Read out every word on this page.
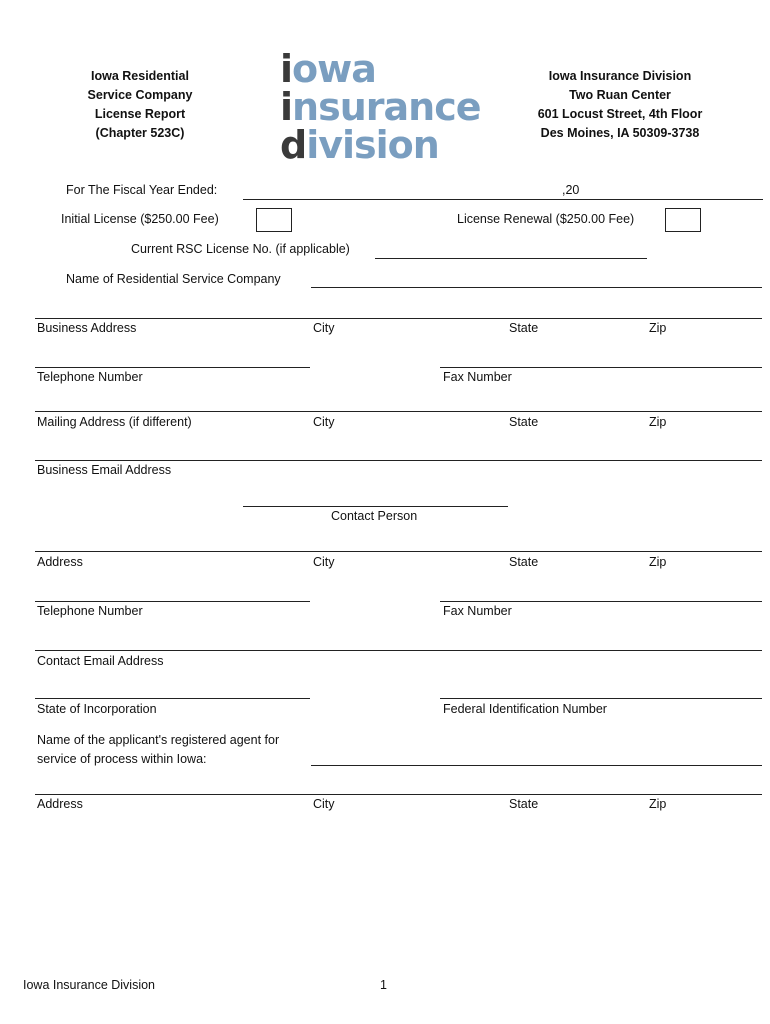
Iowa Residential
Service Company
License Report
(Chapter 523C)
iowa
insurance
division
Iowa Insurance Division
Two Ruan Center
601 Locust Street, 4th Floor
Des Moines, IA 50309-3738
For The Fiscal Year Ended:	,20
Initial License ($250.00 Fee)	License Renewal ($250.00 Fee)
Current RSC License No. (if applicable)
Name of Residential Service Company
Business Address	City	State	Zip
Telephone Number	Fax Number
Mailing Address (if different)	City	State	Zip
Business Email Address
Contact Person
Address	City	State	Zip
Telephone Number	Fax Number
Contact Email Address
State of Incorporation	Federal Identification Number
Name of the applicant's registered agent for
service of process within Iowa:
Address	City	State	Zip
Iowa Insurance Division	1
